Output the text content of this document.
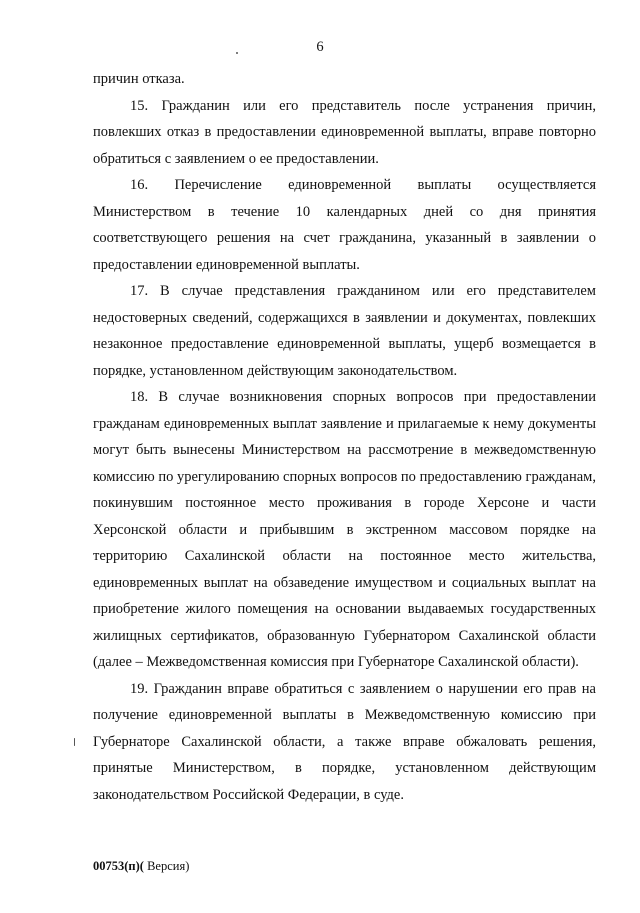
6

причин отказа.

15. Гражданин или его представитель после устранения причин, повлекших отказ в предоставлении единовременной выплаты, вправе повторно обратиться с заявлением о ее предоставлении.

16. Перечисление единовременной выплаты осуществляется Министерством в течение 10 календарных дней со дня принятия соответствующего решения на счет гражданина, указанный в заявлении о предоставлении единовременной выплаты.

17. В случае представления гражданином или его представителем недостоверных сведений, содержащихся в заявлении и документах, повлекших незаконное предоставление единовременной выплаты, ущерб возмещается в порядке, установленном действующим законодательством.

18. В случае возникновения спорных вопросов при предоставлении гражданам единовременных выплат заявление и прилагаемые к нему документы могут быть вынесены Министерством на рассмотрение в межведомственную комиссию по урегулированию спорных вопросов по предоставлению гражданам, покинувшим постоянное место проживания в городе Херсоне и части Херсонской области и прибывшим в экстренном массовом порядке на территорию Сахалинской области на постоянное место жительства, единовременных выплат на обзаведение имуществом и социальных выплат на приобретение жилого помещения на основании выдаваемых государственных жилищных сертификатов, образованную Губернатором Сахалинской области (далее – Межведомственная комиссия при Губернаторе Сахалинской области).

19. Гражданин вправе обратиться с заявлением о нарушении его прав на получение единовременной выплаты в Межведомственную комиссию при Губернаторе Сахалинской области, а также вправе обжаловать решения, принятые Министерством, в порядке, установленном действующим законодательством Российской Федерации, в суде.

00753(п)( Версия)
